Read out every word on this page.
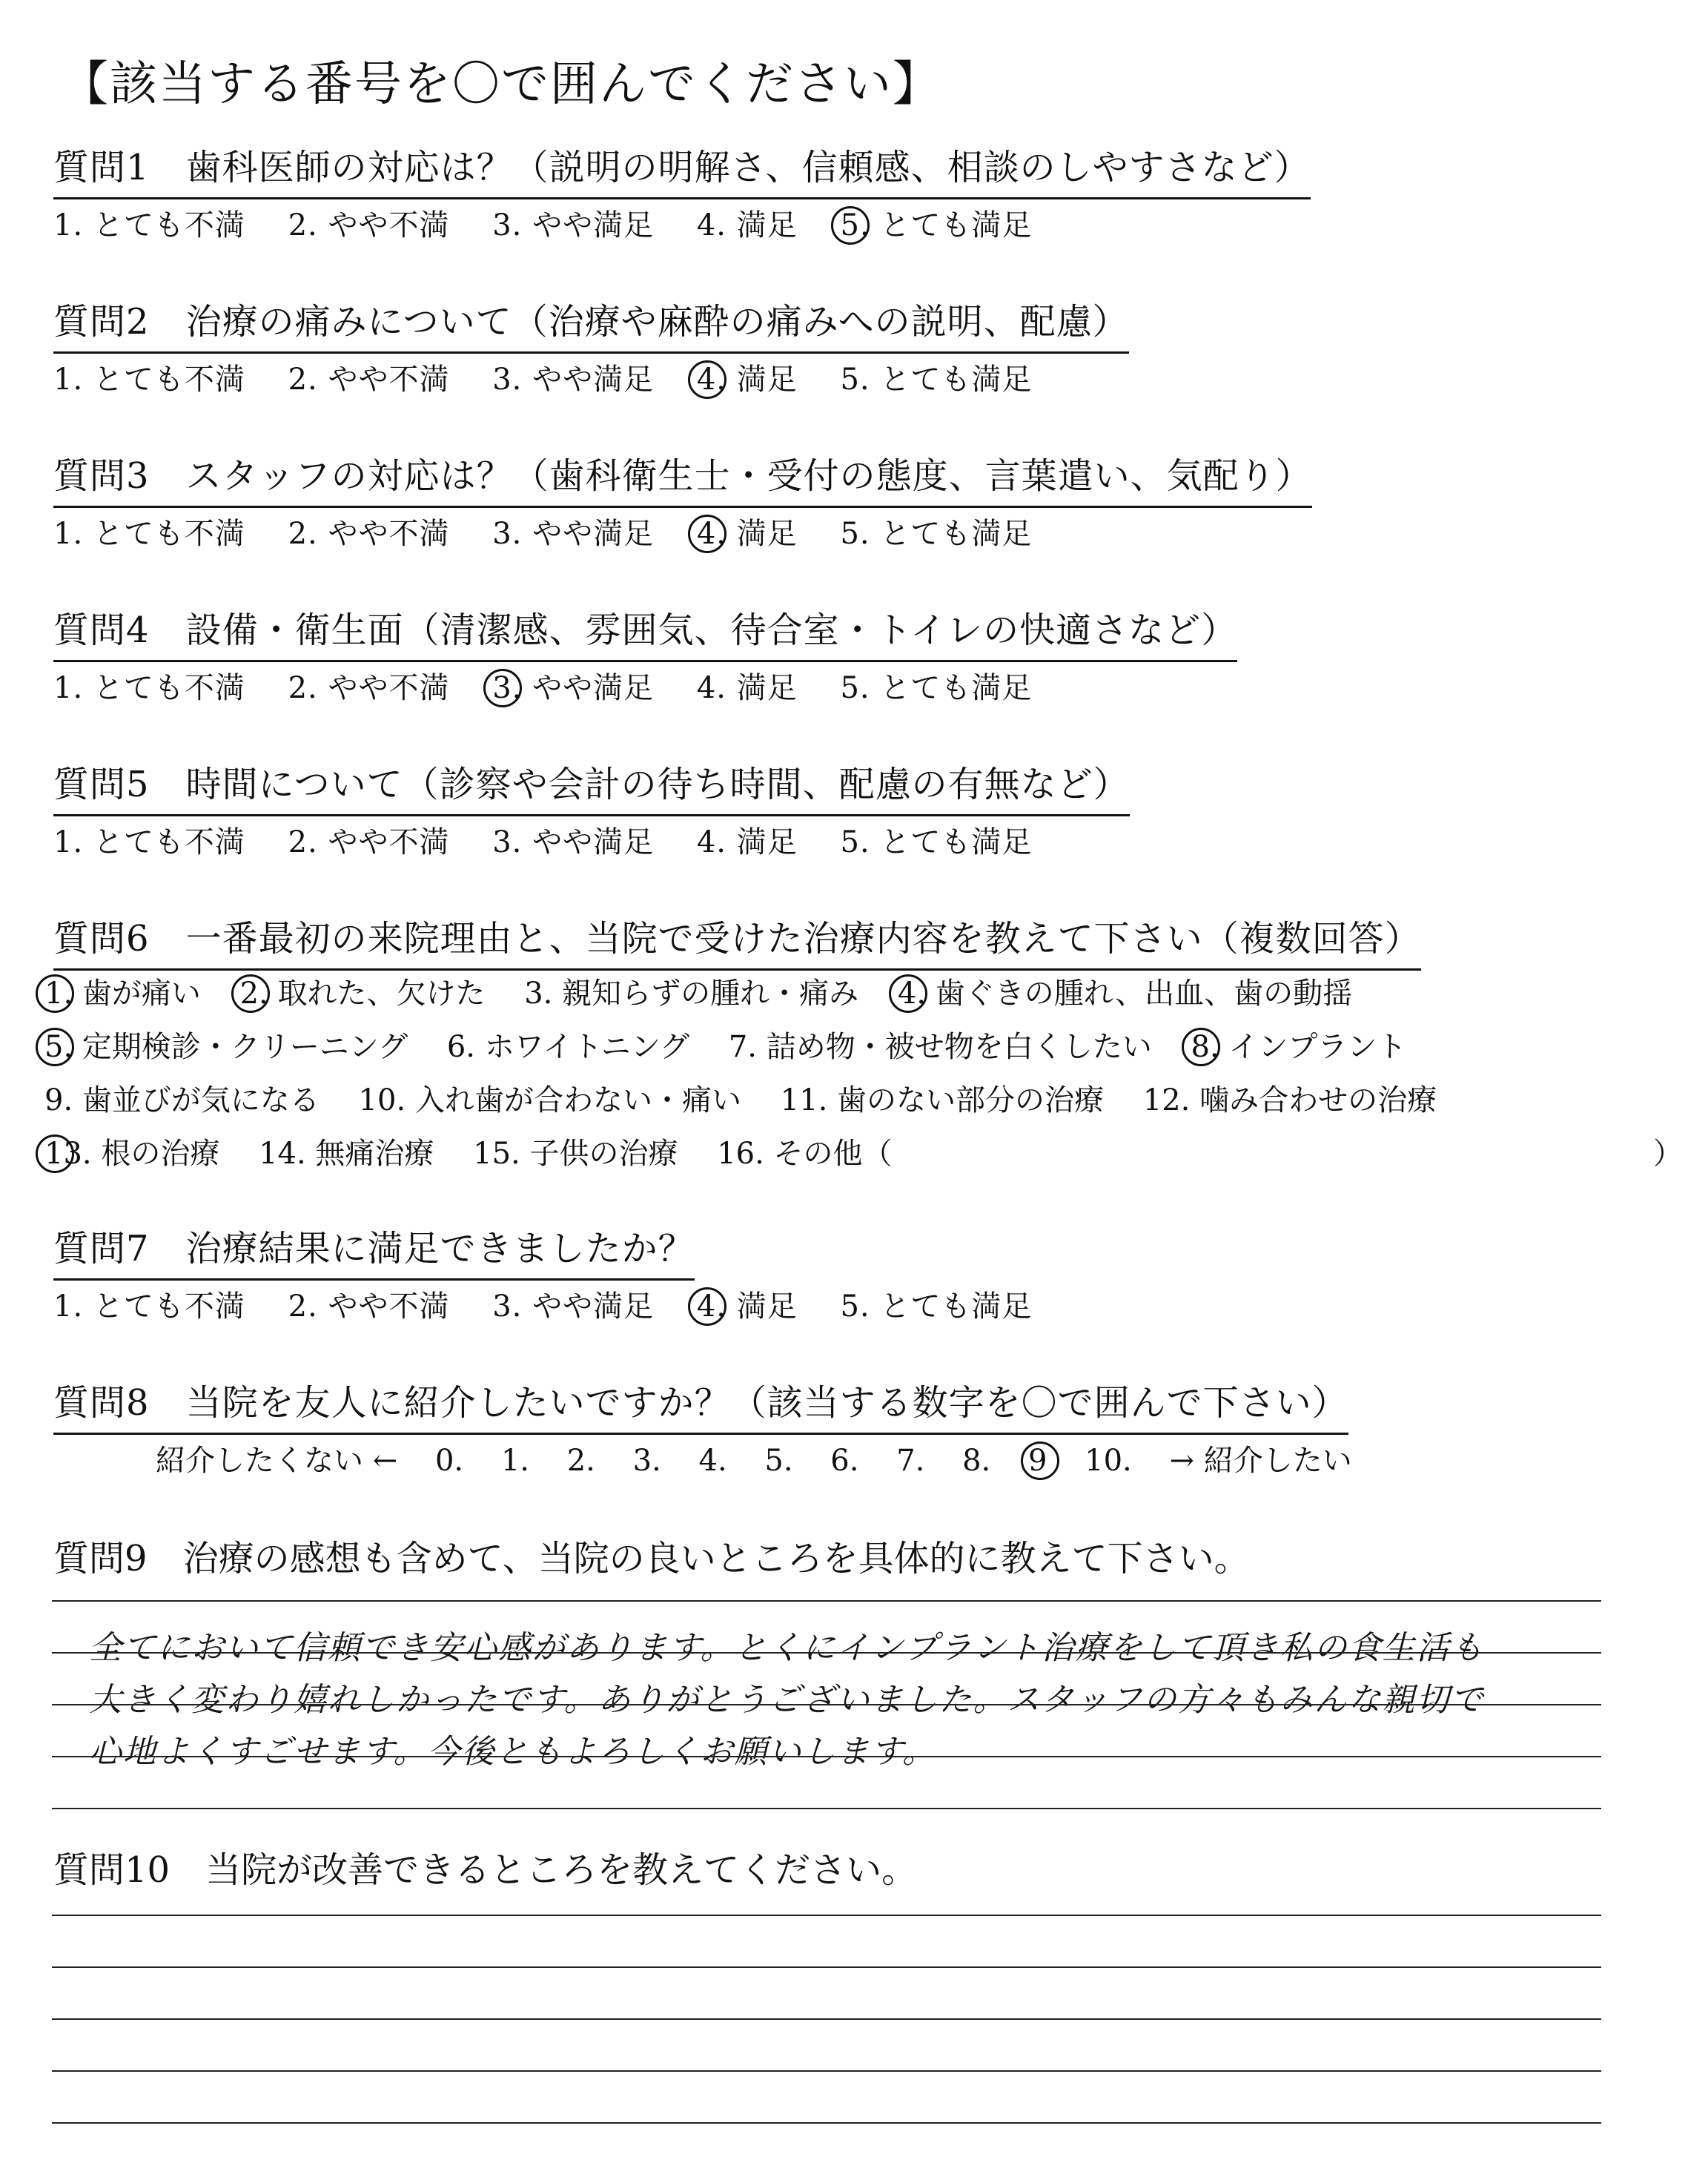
【該当する番号を〇で囲んでください】
質問1　 歯科医師の対応は？（説明の明解さ、信頼感、相談のしやすさなど）
1. とても不満 2. やや不満 3. やや満足 4. 満足 5. とても満足
質問2　 治療の痛みについて（治療や麻酔の痛みへの説明、配慮）
1. とても不満 2. やや不満 3. やや満足 4. 満足 5. とても満足
質問3　 スタッフの対応は？（歯科衛生士・受付の態度、言葉遣い、気配り）
1. とても不満 2. やや不満 3. やや満足 4. 満足 5. とても満足
質問4　 設備・衛生面（清潔感、雰囲気、待合室・トイレの快適さなど）
1. とても不満 2. やや不満 3. やや満足 4. 満足 5. とても満足
質問5　 時間について（診察や会計の待ち時間、配慮の有無など）
1. とても不満 2. やや不満 3. やや満足 4. 満足 5. とても満足
質問6　 一番最初の来院理由と、当院で受けた治療内容を教えて下さい（複数回答）
1. 歯が痛い 2. 取れた、欠けた 3. 親知らずの腫れ・痛み 4. 歯ぐきの腫れ、出血、歯の動揺
5. 定期検診・クリーニング 6. ホワイトニング 7. 詰め物・被せ物を白くしたい 8. インプラント
9. 歯並びが気になる 10. 入れ歯が合わない・痛い 11. 歯のない部分の治療 12. 噛み合わせの治療
13. 根の治療 14. 無痛治療 15. 子供の治療 16. その他（	）
質問7　 治療結果に満足できましたか？
1. とても不満 2. やや不満 3. やや満足 4. 満足 5. とても満足
質問8　 当院を友人に紹介したいですか？（該当する数字を〇で囲んで下さい）
紹介したくない ← 0. 1. 2. 3. 4. 5. 6. 7. 8. 9 10. → 紹介したい
質問9　 治療の感想も含めて、当院の良いところを具体的に教えて下さい。
全てにおいて信頼でき安心感があります。とくにインプラント治療をして頂き私の食生活も
大きく変わり嬉れしかったです。ありがとうございました。スタッフの方々もみんな親切で
心地よくすごせます。今後ともよろしくお願いします。
質問10　 当院が改善できるところを教えてください。
